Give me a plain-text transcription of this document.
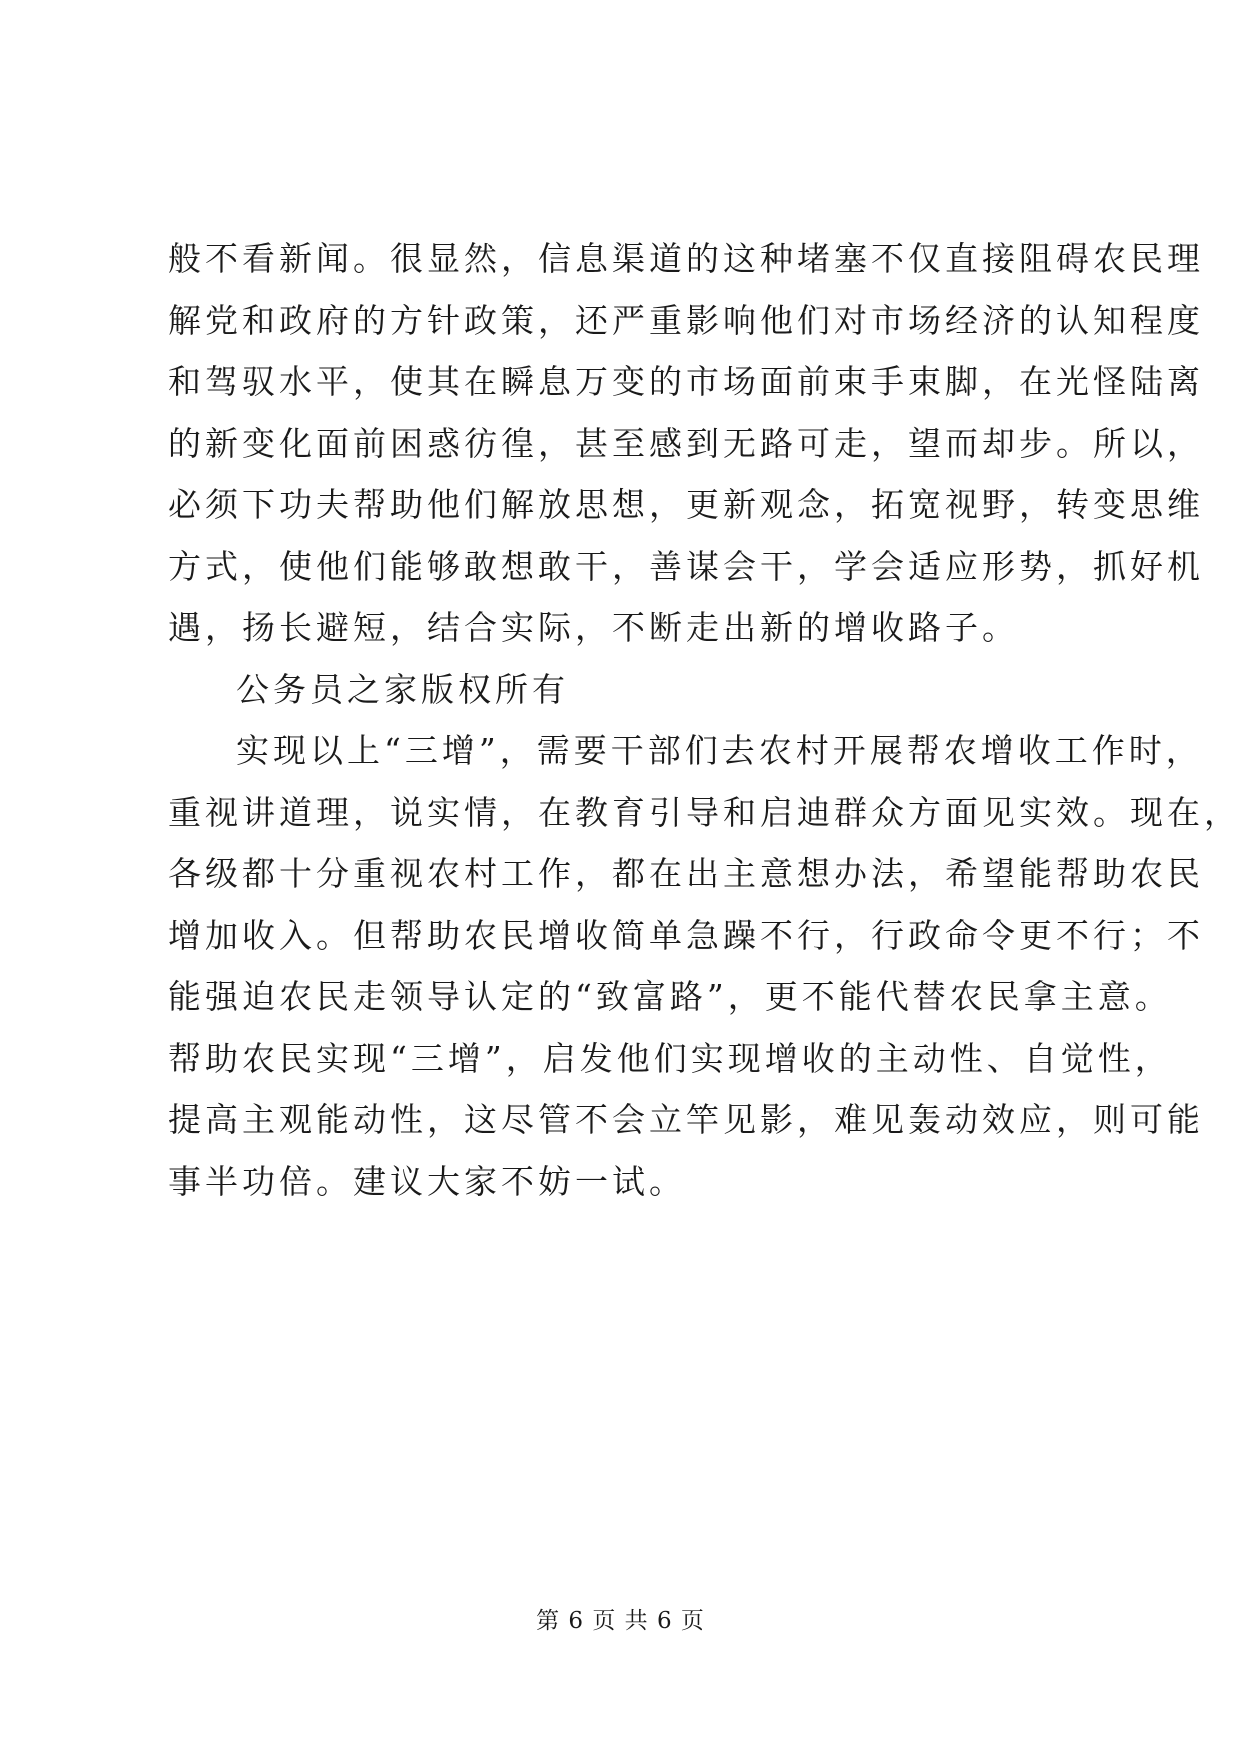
般不看新闻。很显然，信息渠道的这种堵塞不仅直接阻碍农民理
解党和政府的方针政策，还严重影响他们对市场经济的认知程度
和驾驭水平，使其在瞬息万变的市场面前束手束脚，在光怪陆离
的新变化面前困惑彷徨，甚至感到无路可走，望而却步。所以，
必须下功夫帮助他们解放思想，更新观念，拓宽视野，转变思维
方式，使他们能够敢想敢干，善谋会干，学会适应形势，抓好机
遇，扬长避短，结合实际，不断走出新的增收路子。
公务员之家版权所有
实现以上“三增”，需要干部们去农村开展帮农增收工作时，
重视讲道理，说实情，在教育引导和启迪群众方面见实效。现在，
各级都十分重视农村工作，都在出主意想办法，希望能帮助农民
增加收入。但帮助农民增收简单急躁不行，行政命令更不行；不
能强迫农民走领导认定的“致富路”，更不能代替农民拿主意。
帮助农民实现“三增”，启发他们实现增收的主动性、自觉性，
提高主观能动性，这尽管不会立竿见影，难见轰动效应，则可能
事半功倍。建议大家不妨一试。
第 6 页 共 6 页
